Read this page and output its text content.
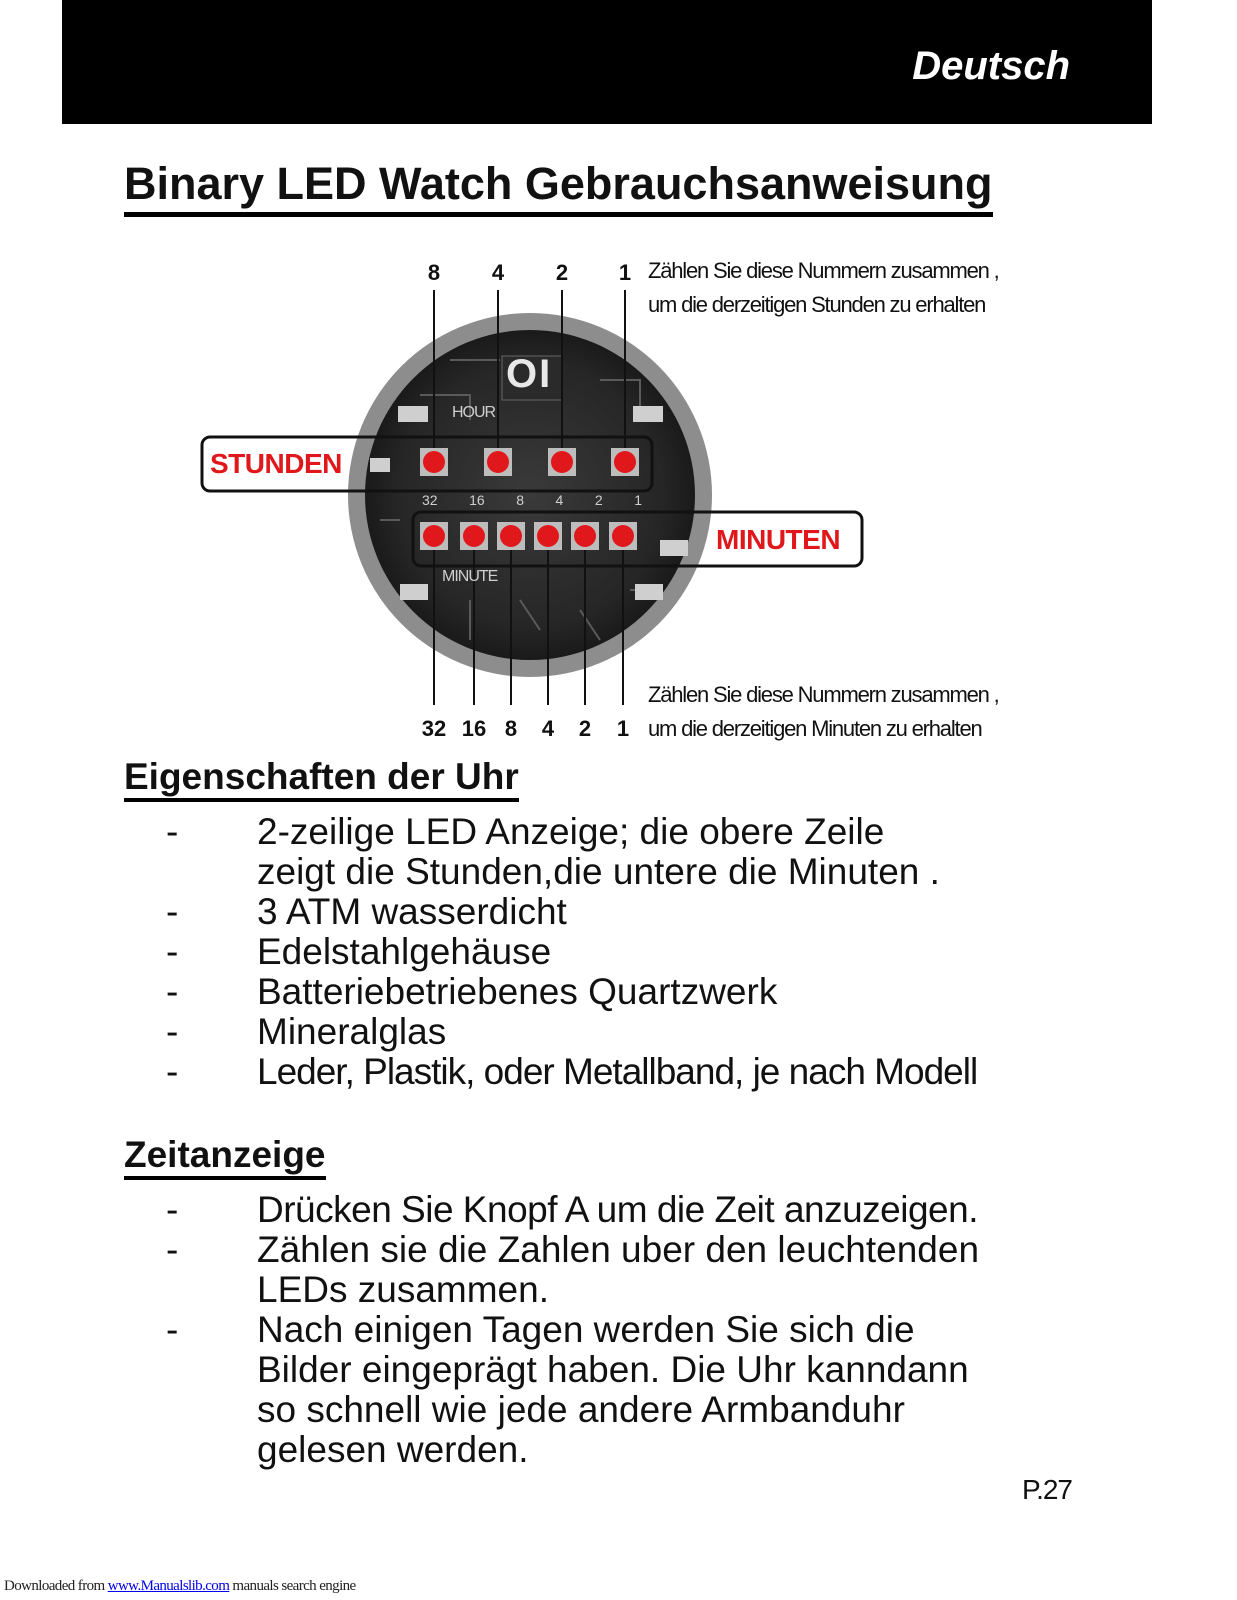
Deutsch
Binary LED Watch Gebrauchsanweisung
OI
HOUR
MINUTE
32 16 8 4 2 1
8	4	2	1
32 16 8	4	2	1
Zählen Sie diese Nummern zusammen ,
um die derzeitigen Stunden zu erhalten
Zählen Sie diese Nummern zusammen ,
um die derzeitigen Minuten zu erhalten
STUNDEN
MINUTEN
Eigenschaften der Uhr
- 2-zeilige LED Anzeige; die obere Zeile
zeigt die Stunden,die untere die Minuten .
- 3 ATM wasserdicht
- Edelstahlgehäuse
- Batteriebetriebenes Quartzwerk
- Mineralglas
- Leder, Plastik, oder Metallband, je nach Modell
Zeitanzeige
- Drücken Sie Knopf A um die Zeit anzuzeigen.
- Zählen sie die Zahlen uber den leuchtenden
LEDs zusammen.
- Nach einigen Tagen werden Sie sich die
Bilder eingeprägt haben. Die Uhr kanndann
so schnell wie jede andere Armbanduhr
gelesen werden.
P.27
Downloaded from www.Manualslib.com manuals search engine
